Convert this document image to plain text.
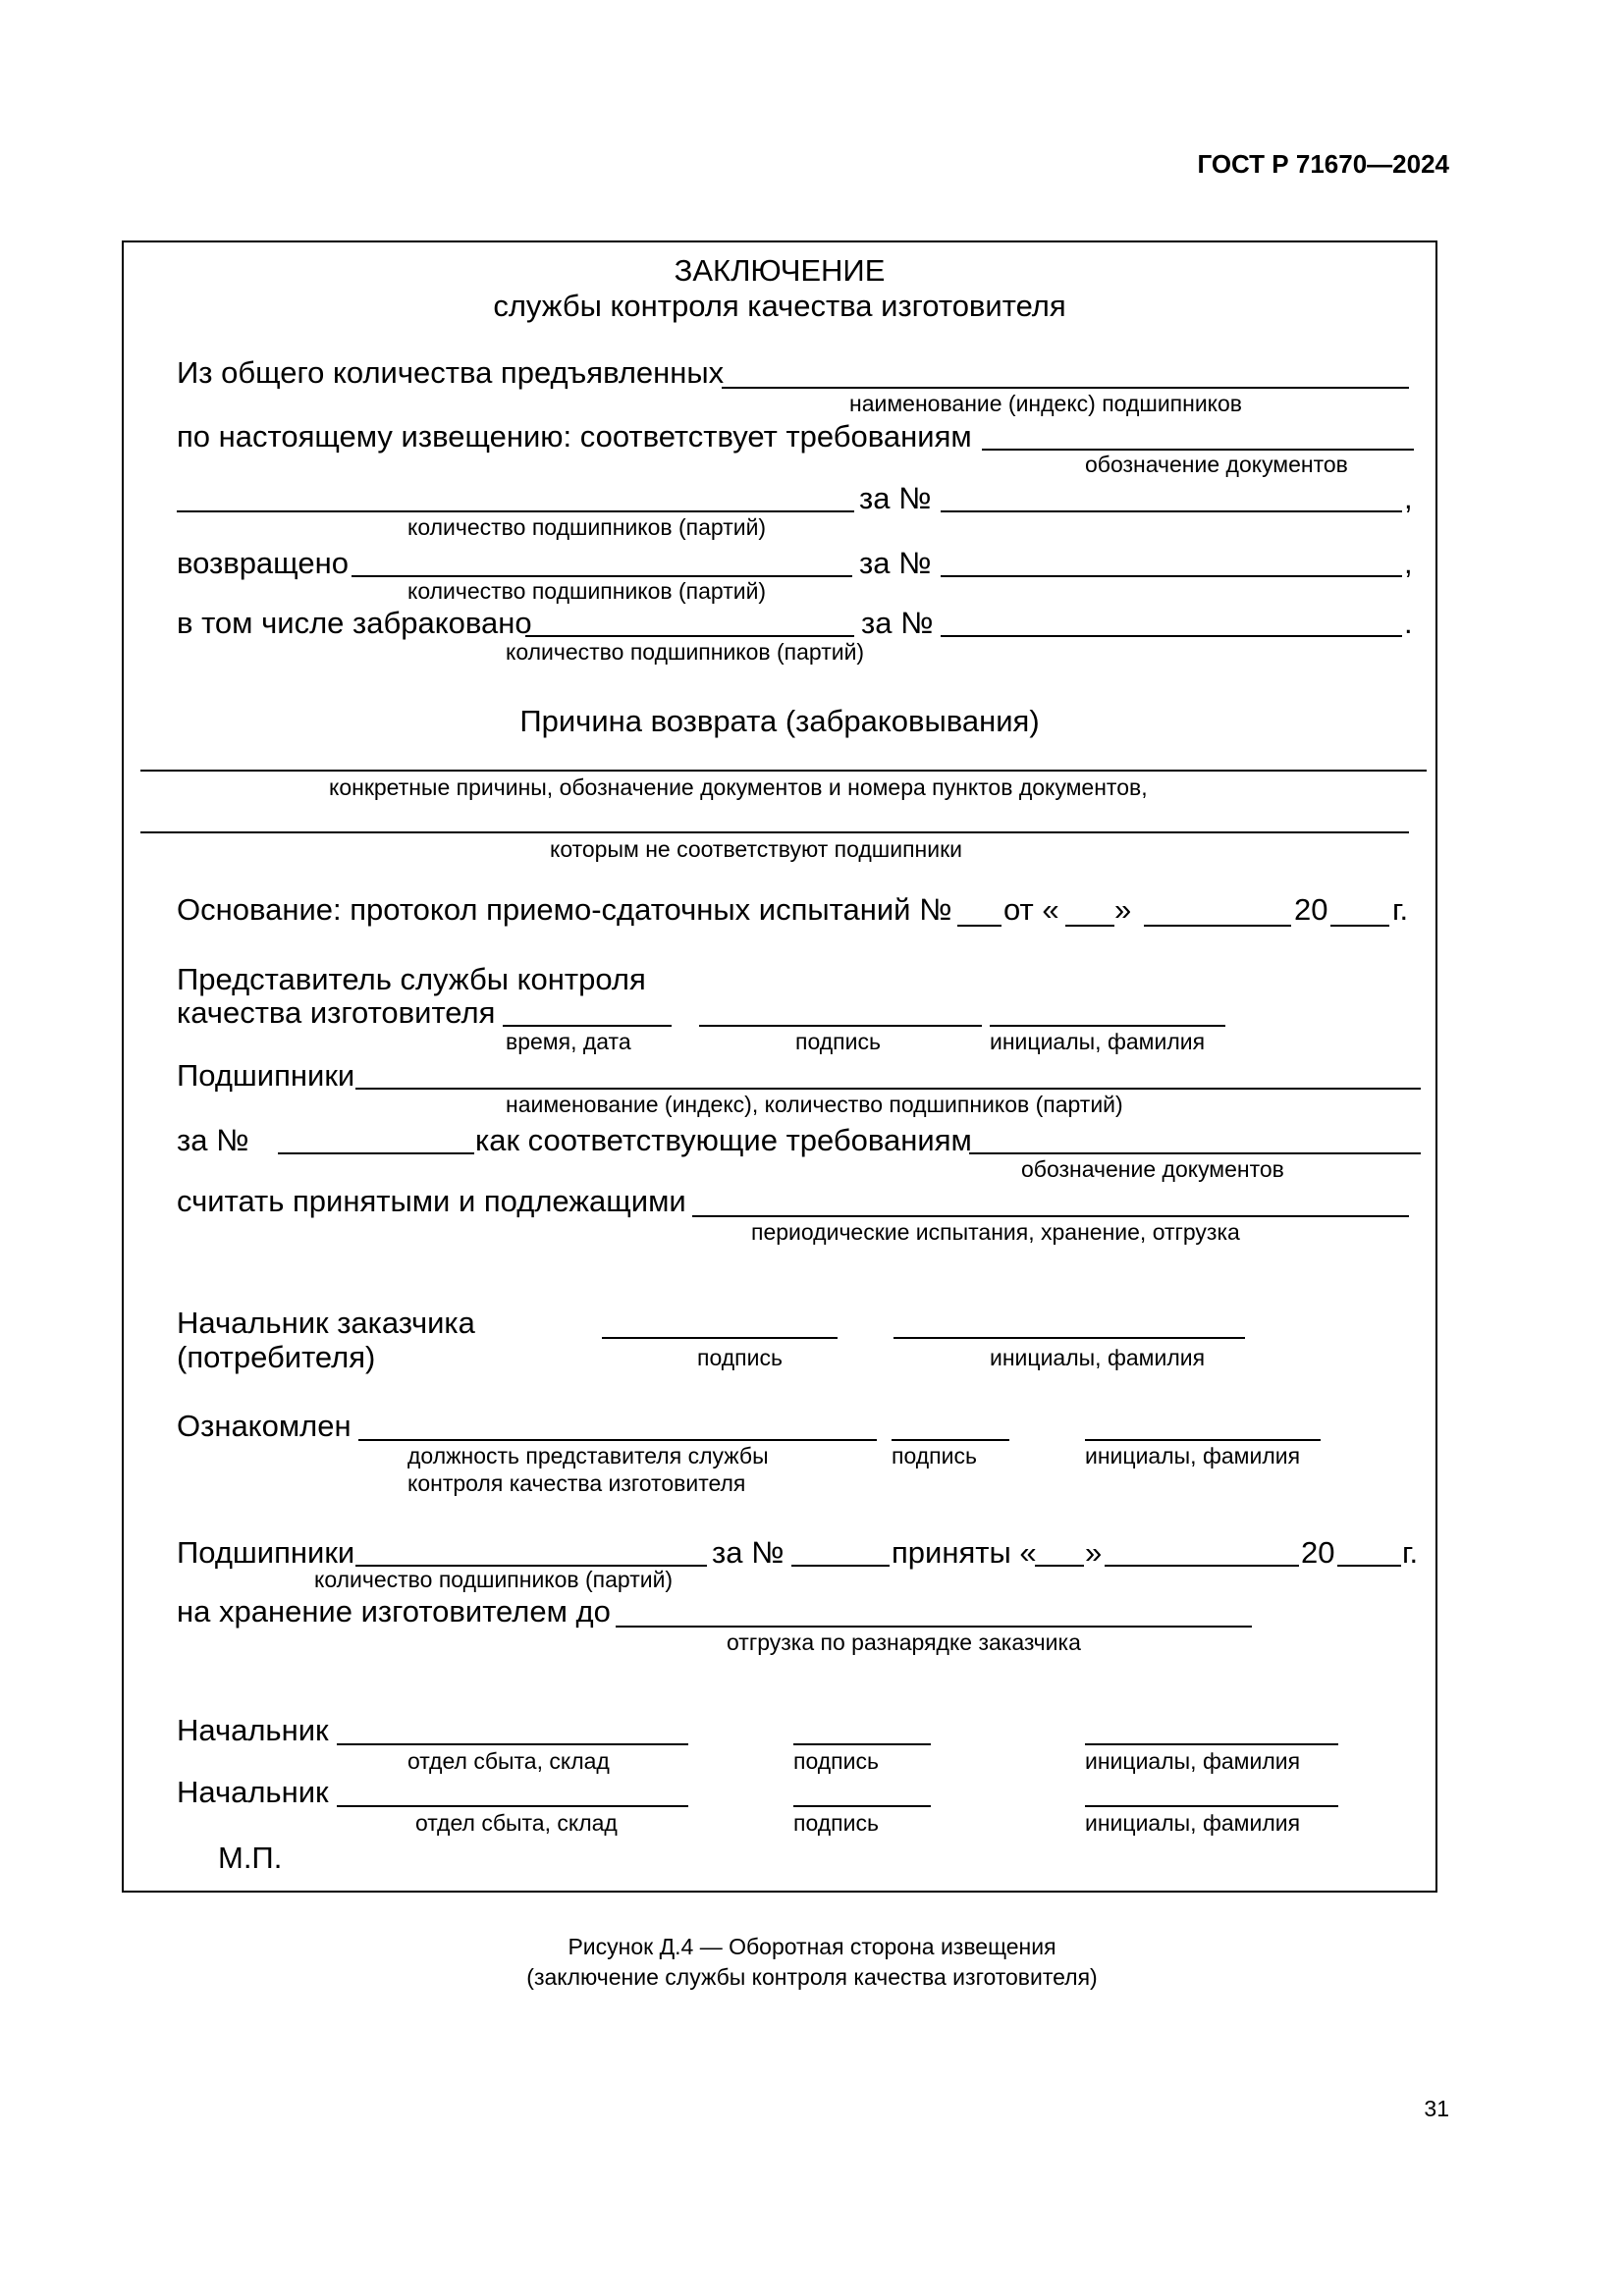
ГОСТ Р 71670—2024
ЗАКЛЮЧЕНИЕ
службы контроля качества изготовителя
Из общего количества предъявленных
наименование (индекс) подшипников
по настоящему извещению: соответствует требованиям
обозначение документов
за №	,
количество подшипников (партий)
возвращено	за №	,
количество подшипников (партий)
в том числе забраковано	за №	.
количество подшипников (партий)
Причина возврата (забраковывания)
конкретные причины, обозначение документов и номера пунктов документов,
которым не соответствуют подшипники
Основание: протокол приемо-сдаточных испытаний № от « »	20 г.
Представитель службы контроля
качества изготовителя
время, дата	подпись	инициалы, фамилия
Подшипники
наименование (индекс), количество подшипников (партий)
за №	как соответствующие требованиям
обозначение документов
считать принятыми и подлежащими
периодические испытания, хранение, отгрузка
Начальник заказчика
(потребителя)	подпись	инициалы, фамилия
Ознакомлен
должность представителя службы
контроля качества изготовителя
подпись	инициалы, фамилия
Подшипники	за №	приняты « »	20 г.
количество подшипников (партий)
на хранение изготовителем до
отгрузка по разнарядке заказчика
Начальник
отдел сбыта, склад	подпись	инициалы, фамилия
Начальник
отдел сбыта, склад	подпись	инициалы, фамилия
М.П.
Рисунок Д.4 — Оборотная сторона извещения
(заключение службы контроля качества изготовителя)
31
